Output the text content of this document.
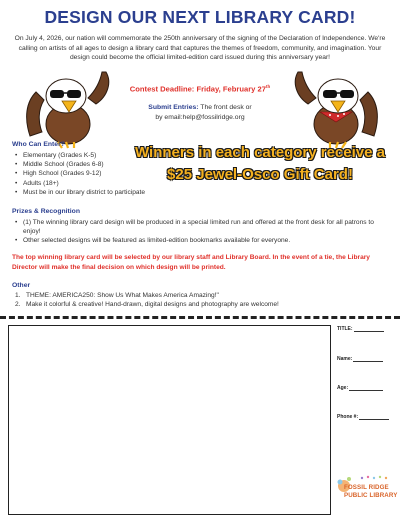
DESIGN OUR NEXT LIBRARY CARD!
On July 4, 2026, our nation will commemorate the 250th anniversary of the signing of the Declaration of Independence. We're calling on artists of all ages to design a library card that captures the themes of freedom, community, and imagination. Your design could become the official limited-edition card issued during this anniversary year!
Contest Deadline: Friday, February 27th
Submit Entries: The front desk or
by email:help@fossilridge.org
Who Can Enter?
• Elementary (Grades K-5)
• Middle School (Grades 6-8)
• High School (Grades 9-12)
• Adults (18+)
• Must be in our library district to participate
Winners in each category receive a
$25 Jewel-Osco Gift Card!
Prizes & Recognition
• (1) The winning library card design will be produced in a special limited run and offered at the front desk for all patrons to enjoy!
• Other selected designs will be featured as limited-edition bookmarks available for everyone.
The top winning library card will be selected by our library staff and Library Board. In the event of a tie, the Library Director will make the final decision on which design will be printed.
Other
1. THEME: AMERICA250: Show Us What Makes America Amazing!"
2. Make it colorful & creative! Hand-drawn, digital designs and photography are welcome!
TITLE:
Name:
Age:
Phone #:
FOSSIL RIDGE
PUBLIC LIBRARY
